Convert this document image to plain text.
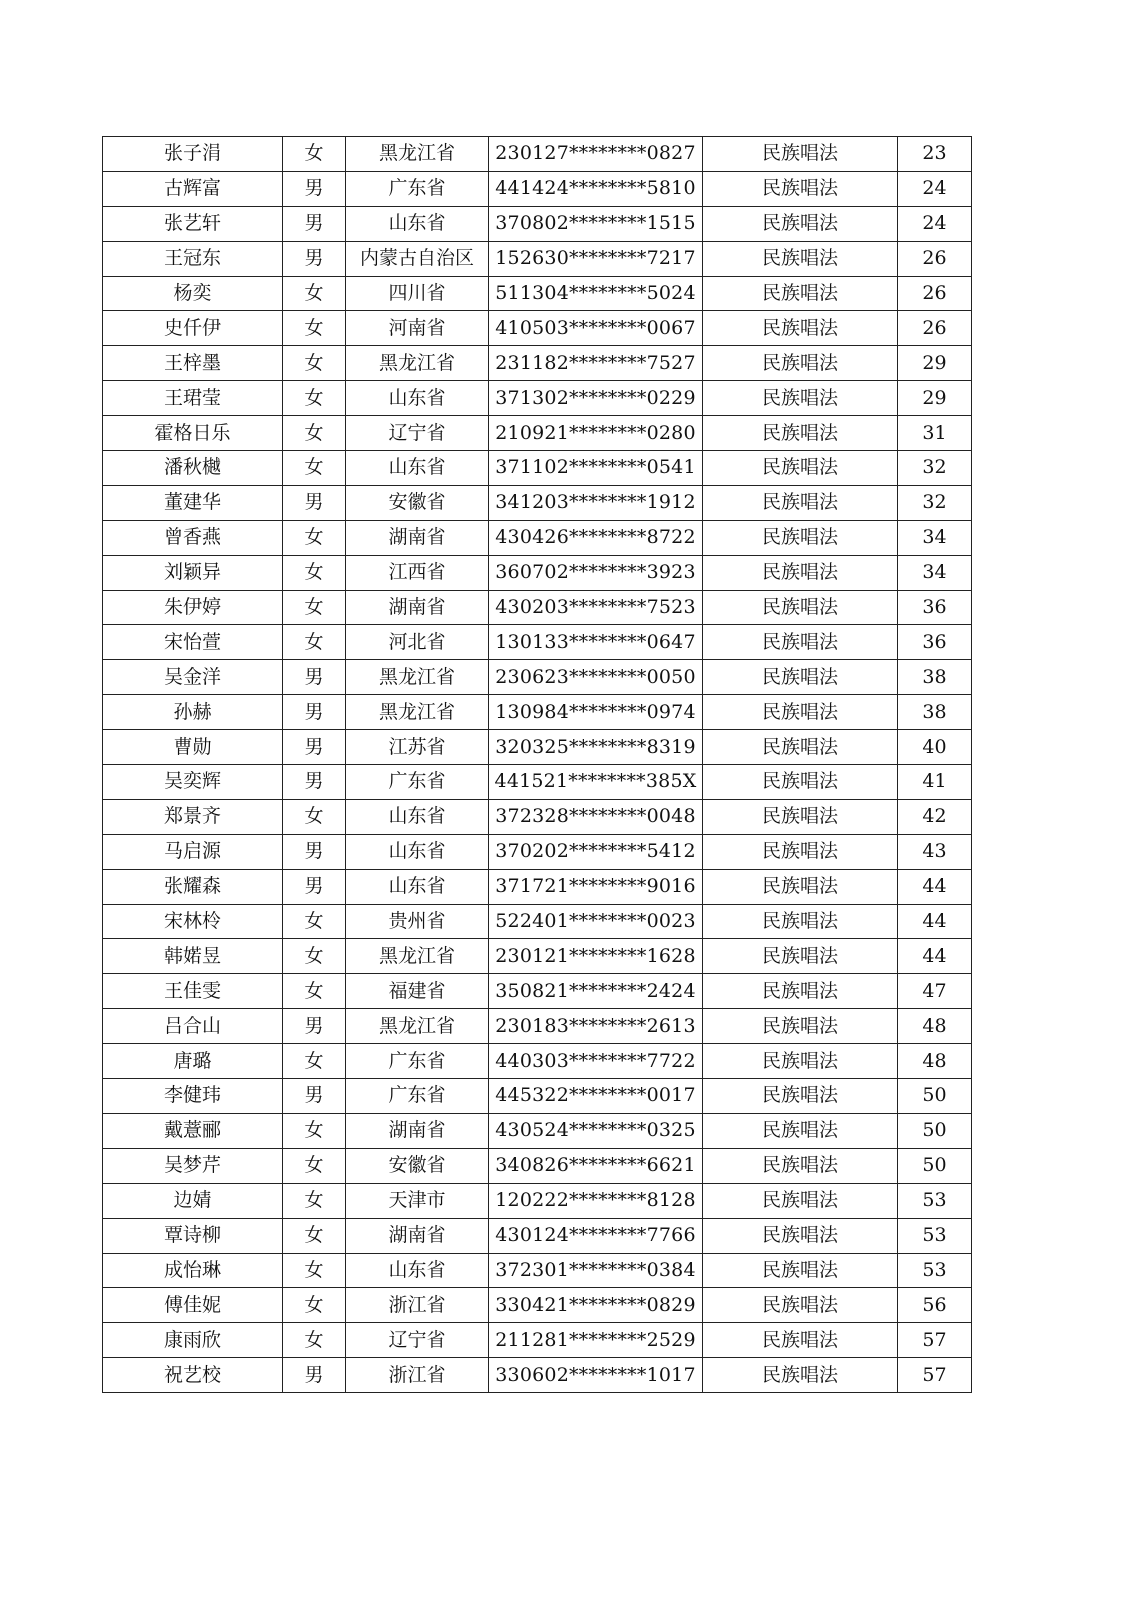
张子涓	女	黑龙江省	230127********0827	民族唱法	23
古辉富	男	广东省	441424********5810	民族唱法	24
张艺轩	男	山东省	370802********1515	民族唱法	24
王冠东	男	内蒙古自治区	152630********7217	民族唱法	26
杨奕	女	四川省	511304********5024	民族唱法	26
史仟伊	女	河南省	410503********0067	民族唱法	26
王梓墨	女	黑龙江省	231182********7527	民族唱法	29
王珺莹	女	山东省	371302********0229	民族唱法	29
霍格日乐	女	辽宁省	210921********0280	民族唱法	31
潘秋樾	女	山东省	371102********0541	民族唱法	32
董建华	男	安徽省	341203********1912	民族唱法	32
曾香燕	女	湖南省	430426********8722	民族唱法	34
刘颖异	女	江西省	360702********3923	民族唱法	34
朱伊婷	女	湖南省	430203********7523	民族唱法	36
宋怡萱	女	河北省	130133********0647	民族唱法	36
吴金洋	男	黑龙江省	230623********0050	民族唱法	38
孙赫	男	黑龙江省	130984********0974	民族唱法	38
曹勋	男	江苏省	320325********8319	民族唱法	40
吴奕辉	男	广东省	441521********385X	民族唱法	41
郑景齐	女	山东省	372328********0048	民族唱法	42
马启源	男	山东省	370202********5412	民族唱法	43
张耀森	男	山东省	371721********9016	民族唱法	44
宋林柃	女	贵州省	522401********0023	民族唱法	44
韩婼昱	女	黑龙江省	230121********1628	民族唱法	44
王佳雯	女	福建省	350821********2424	民族唱法	47
吕合山	男	黑龙江省	230183********2613	民族唱法	48
唐璐	女	广东省	440303********7722	民族唱法	48
李健玮	男	广东省	445322********0017	民族唱法	50
戴薏郦	女	湖南省	430524********0325	民族唱法	50
吴梦芹	女	安徽省	340826********6621	民族唱法	50
边婧	女	天津市	120222********8128	民族唱法	53
覃诗柳	女	湖南省	430124********7766	民族唱法	53
成怡琳	女	山东省	372301********0384	民族唱法	53
傅佳妮	女	浙江省	330421********0829	民族唱法	56
康雨欣	女	辽宁省	211281********2529	民族唱法	57
祝艺校	男	浙江省	330602********1017	民族唱法	57
